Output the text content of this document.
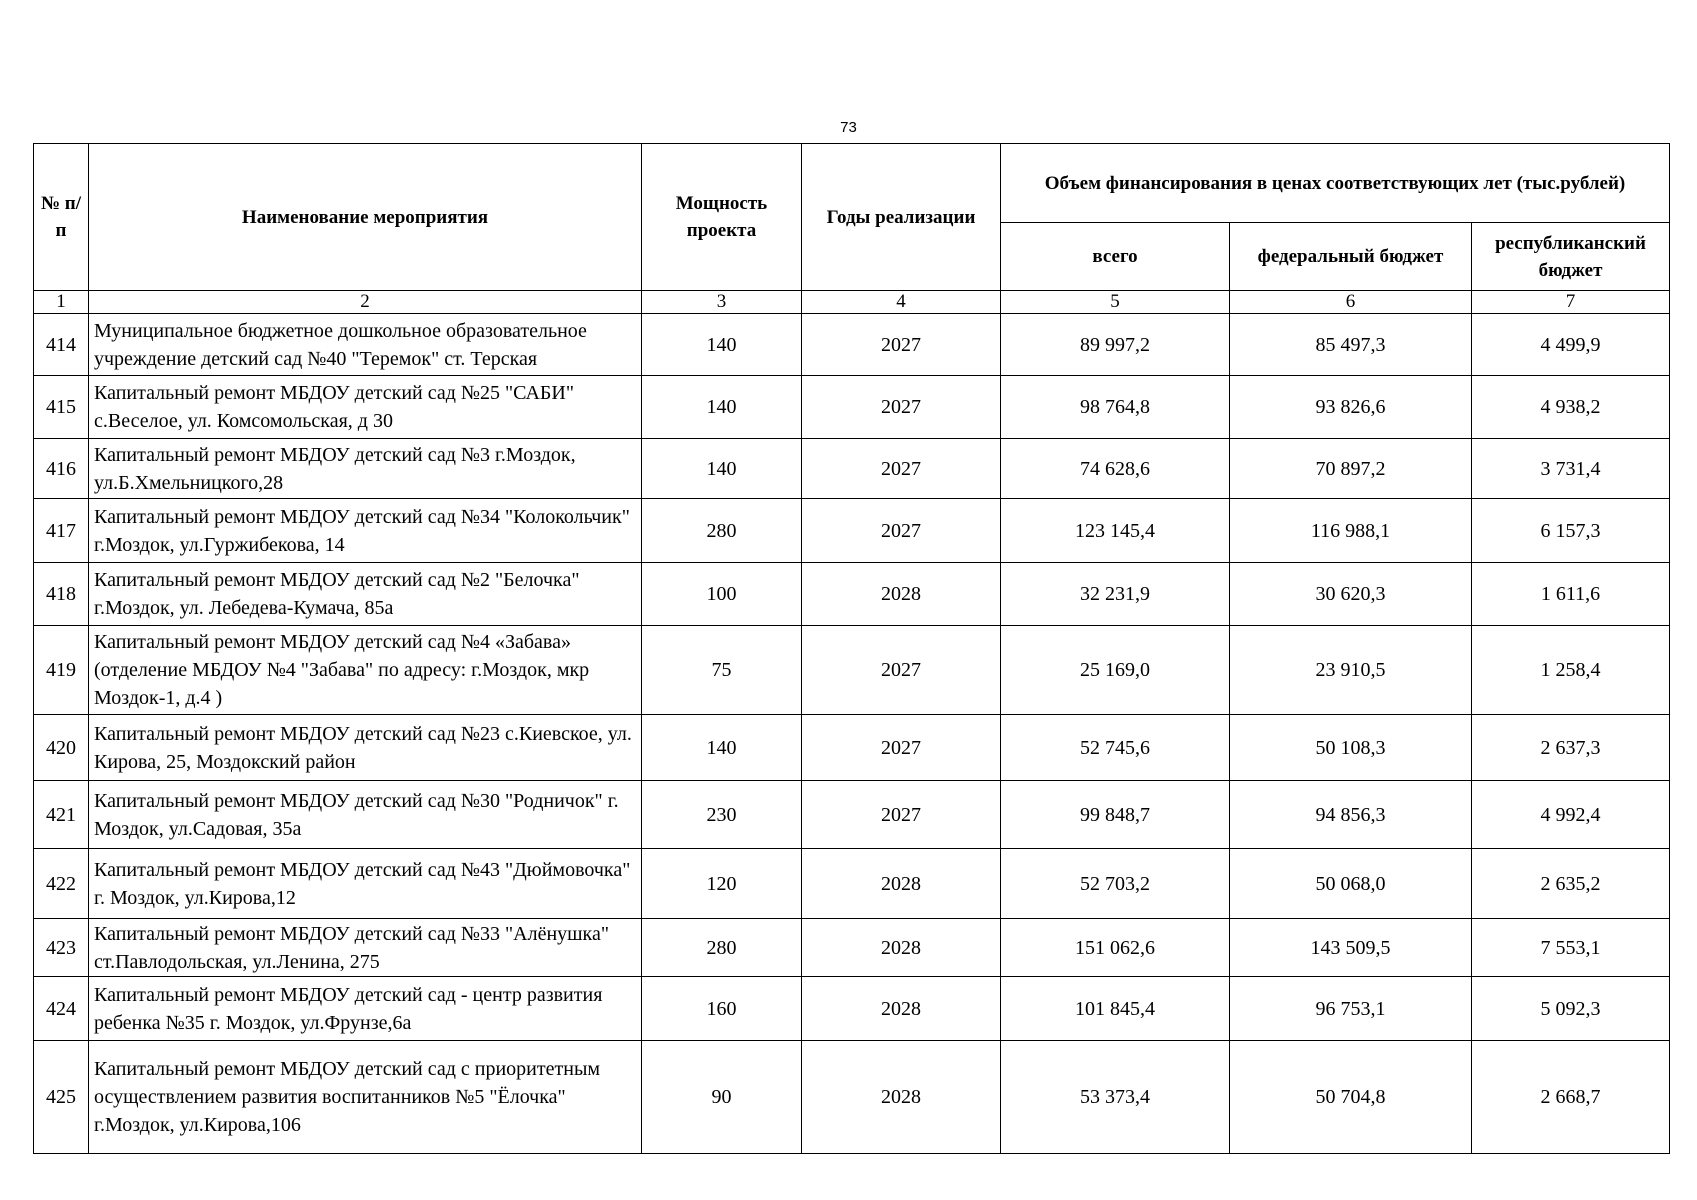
73
№ п/п	Наименование мероприятия	Мощность проекта	Годы реализации	Объем финансирования в ценах соответствующих лет (тыс.рублей)		
				всего	федеральный бюджет	республиканский бюджет
1	2	3	4	5	6	7
414	Муниципальное бюджетное дошкольное образовательное учреждение детский сад №40 "Теремок" ст. Терская	140	2027	89 997,2	85 497,3	4 499,9
415	Капитальный ремонт МБДОУ детский сад №25 "САБИ" с.Веселое, ул. Комсомольская, д 30	140	2027	98 764,8	93 826,6	4 938,2
416	Капитальный ремонт МБДОУ детский сад №3 г.Моздок, ул.Б.Хмельницкого,28	140	2027	74 628,6	70 897,2	3 731,4
417	Капитальный ремонт МБДОУ детский сад №34 "Колокольчик" г.Моздок, ул.Гуржибекова, 14	280	2027	123 145,4	116 988,1	6 157,3
418	Капитальный ремонт МБДОУ детский сад №2 "Белочка" г.Моздок, ул. Лебедева-Кумача, 85а	100	2028	32 231,9	30 620,3	1 611,6
419	Капитальный ремонт МБДОУ детский сад №4 «Забава» (отделение МБДОУ №4 "Забава" по адресу: г.Моздок, мкр Моздок-1, д.4 )	75	2027	25 169,0	23 910,5	1 258,4
420	Капитальный ремонт МБДОУ детский сад №23 с.Киевское, ул. Кирова, 25, Моздокский район	140	2027	52 745,6	50 108,3	2 637,3
421	Капитальный ремонт МБДОУ детский сад №30 "Родничок" г. Моздок, ул.Садовая, 35а	230	2027	99 848,7	94 856,3	4 992,4
422	Капитальный ремонт МБДОУ детский сад №43 "Дюймовочка" г. Моздок, ул.Кирова,12	120	2028	52 703,2	50 068,0	2 635,2
423	Капитальный ремонт МБДОУ детский сад №33 "Алёнушка" ст.Павлодольская, ул.Ленина, 275	280	2028	151 062,6	143 509,5	7 553,1
424	Капитальный ремонт МБДОУ детский сад - центр развития ребенка №35 г. Моздок, ул.Фрунзе,6а	160	2028	101 845,4	96 753,1	5 092,3
425	Капитальный ремонт МБДОУ детский сад с приоритетным осуществлением развития воспитанников №5 "Ёлочка" г.Моздок, ул.Кирова,106	90	2028	53 373,4	50 704,8	2 668,7
